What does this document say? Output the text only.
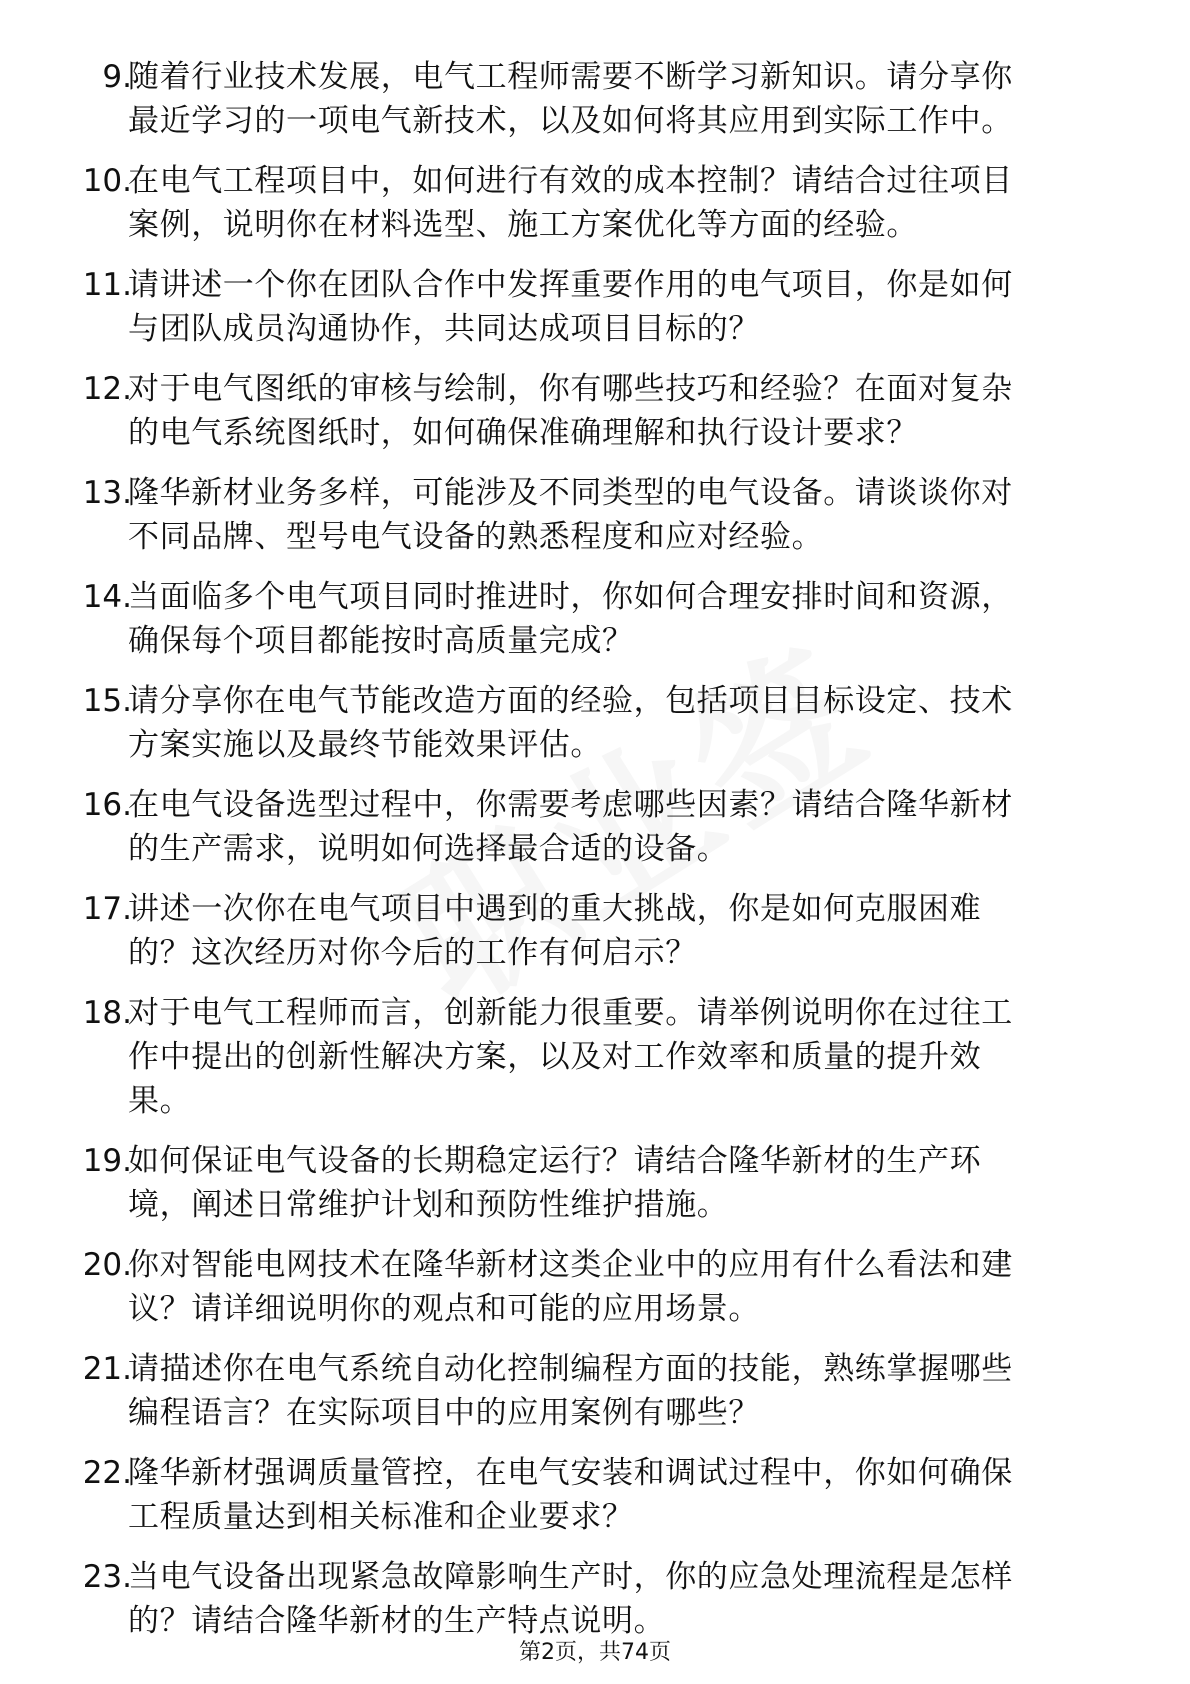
9.

随着行业技术发展，电气工程师需要不断学习新知识。请分享你
最近学习的一项电气新技术，以及如何将其应用到实际工作中。

10.

在电气工程项目中，如何进行有效的成本控制？请结合过往项目
案例，说明你在材料选型、施工方案优化等方面的经验。

11.

请讲述一个你在团队合作中发挥重要作用的电气项目，你是如何
与团队成员沟通协作，共同达成项目目标的？

12.

对于电气图纸的审核与绘制，你有哪些技巧和经验？在面对复杂
的电气系统图纸时，如何确保准确理解和执行设计要求？

13.

隆华新材业务多样，可能涉及不同类型的电气设备。请谈谈你对
不同品牌、型号电气设备的熟悉程度和应对经验。

14.

当面临多个电气项目同时推进时，你如何合理安排时间和资源，
确保每个项目都能按时高质量完成？

15.

请分享你在电气节能改造方面的经验，包括项目目标设定、技术
方案实施以及最终节能效果评估。

16.

在电气设备选型过程中，你需要考虑哪些因素？请结合隆华新材
的生产需求，说明如何选择最合适的设备。

17.

讲述一次你在电气项目中遇到的重大挑战，你是如何克服困难
的？这次经历对你今后的工作有何启示？

18.

对于电气工程师而言，创新能力很重要。请举例说明你在过往工
作中提出的创新性解决方案，以及对工作效率和质量的提升效
果。

19.

如何保证电气设备的长期稳定运行？请结合隆华新材的生产环
境，阐述日常维护计划和预防性维护措施。

20.

你对智能电网技术在隆华新材这类企业中的应用有什么看法和建
议？请详细说明你的观点和可能的应用场景。

21.

请描述你在电气系统自动化控制编程方面的技能，熟练掌握哪些
编程语言？在实际项目中的应用案例有哪些？

22.

隆华新材强调质量管控，在电气安装和调试过程中，你如何确保
工程质量达到相关标准和企业要求？

23.

当电气设备出现紧急故障影响生产时，你的应急处理流程是怎样
的？请结合隆华新材的生产特点说明。

第2页，共74页
